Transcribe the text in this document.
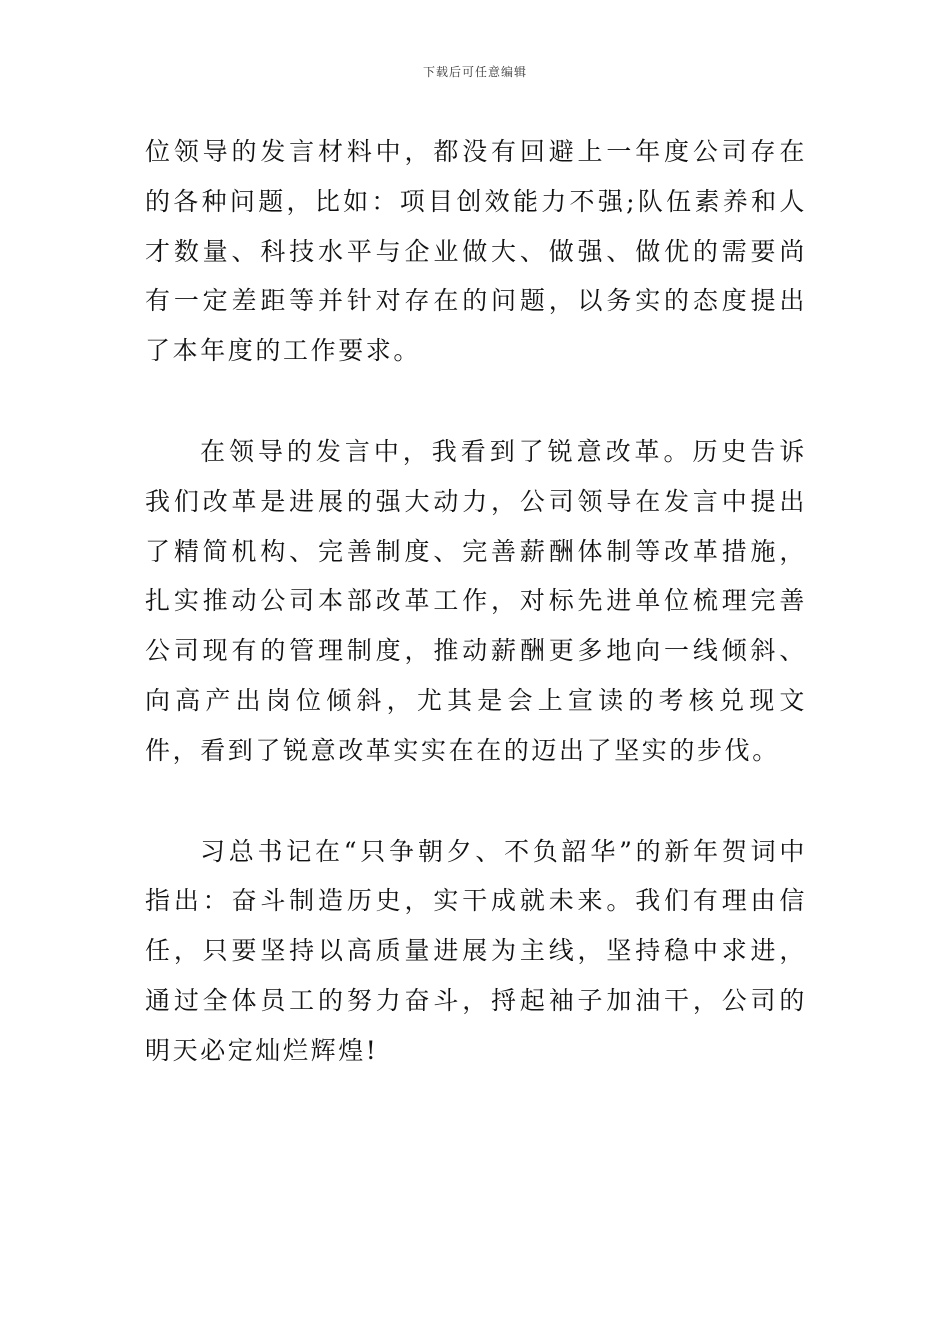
下载后可任意编辑

位领导的发言材料中，都没有回避上一年度公司存在的各种问题，比如：项目创效能力不强;队伍素养和人才数量、科技水平与企业做大、做强、做优的需要尚有一定差距等并针对存在的问题，以务实的态度提出了本年度的工作要求。

在领导的发言中，我看到了锐意改革。历史告诉我们改革是进展的强大动力，公司领导在发言中提出了精简机构、完善制度、完善薪酬体制等改革措施，扎实推动公司本部改革工作，对标先进单位梳理完善公司现有的管理制度，推动薪酬更多地向一线倾斜、向高产出岗位倾斜，尤其是会上宣读的考核兑现文件，看到了锐意改革实实在在的迈出了坚实的步伐。

习总书记在“只争朝夕、不负韶华”的新年贺词中指出：奋斗制造历史，实干成就未来。我们有理由信任，只要坚持以高质量进展为主线，坚持稳中求进，通过全体员工的努力奋斗，捋起袖子加油干，公司的明天必定灿烂辉煌!
